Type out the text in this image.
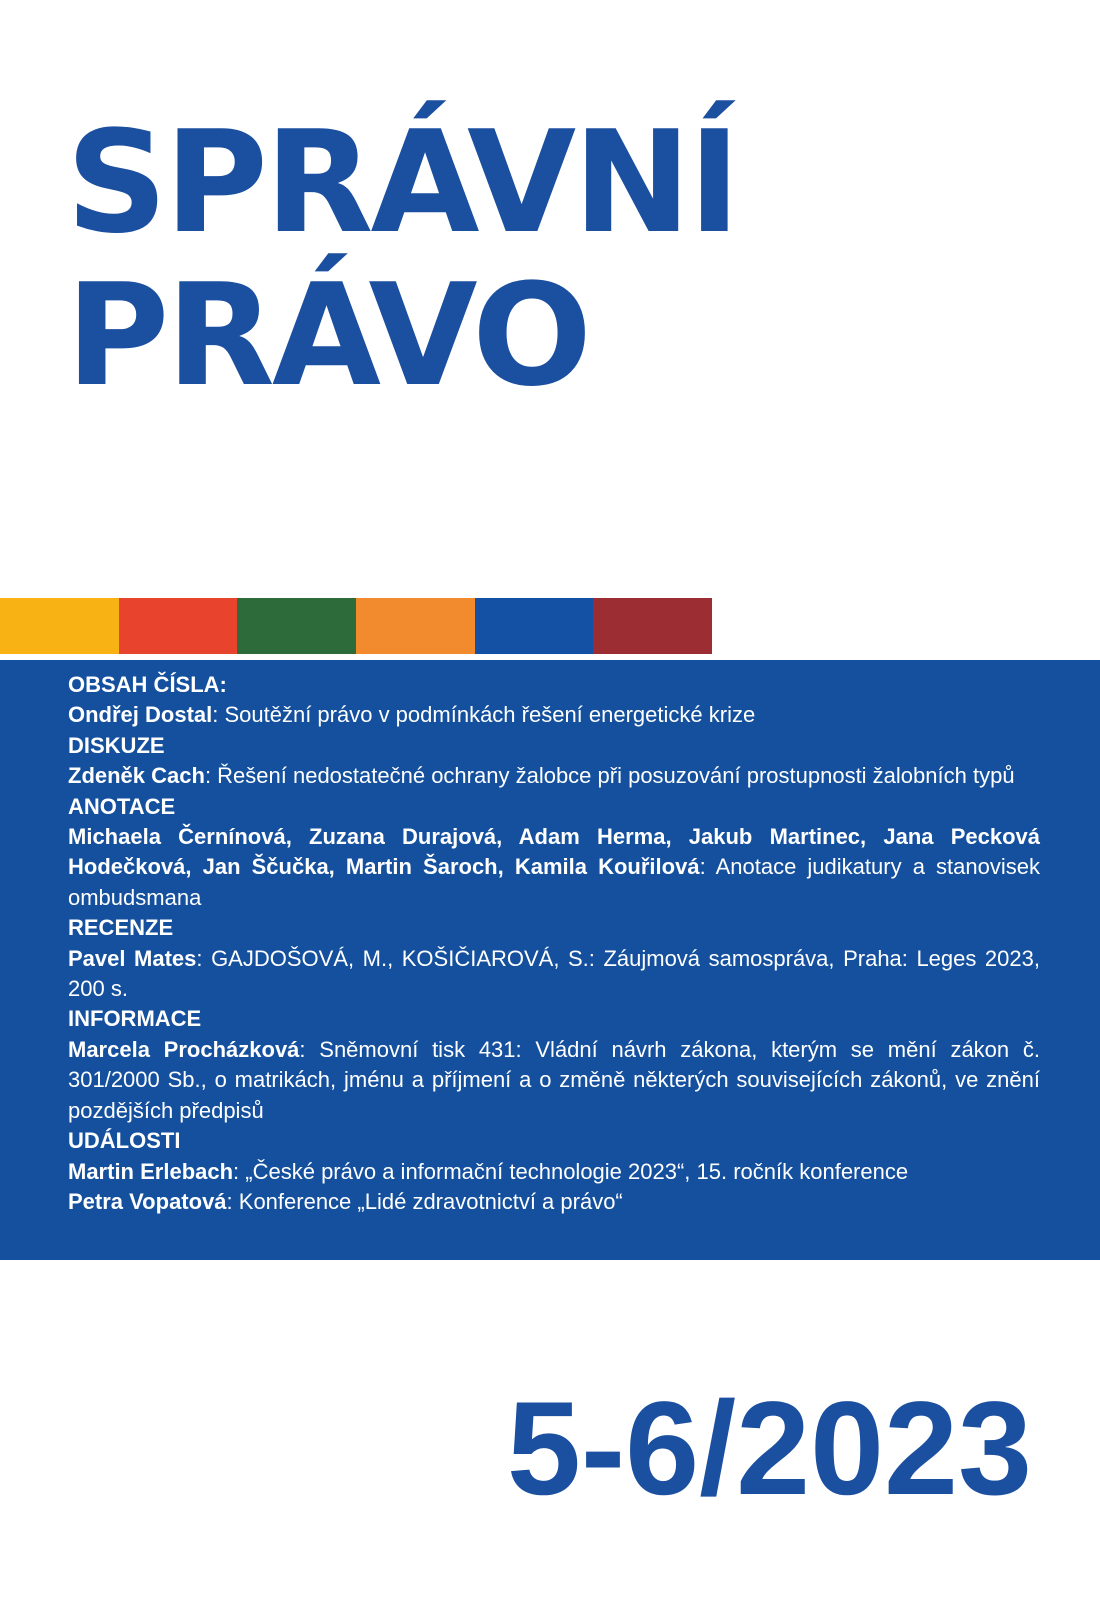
SPRÁVNÍ
PRÁVO

OBSAH ČÍSLA:

Ondřej Dostal: Soutěžní právo v podmínkách řešení energetické krize

DISKUZE

Zdeněk Cach: Řešení nedostatečné ochrany žalobce při posuzování prostupnosti žalobních typů

ANOTACE

Michaela Černínová, Zuzana Durajová, Adam Herma, Jakub Martinec, Jana Pecková Hodečková, Jan Ščučka, Martin Šaroch, Kamila Kouřilová: Anotace judikatury a stanovisek ombudsmana

RECENZE

Pavel Mates: GAJDOŠOVÁ, M., KOŠIČIAROVÁ, S.: Záujmová samospráva, Praha: Leges 2023, 200 s.

INFORMACE

Marcela Procházková: Sněmovní tisk 431: Vládní návrh zákona, kterým se mění zákon č. 301/2000 Sb., o matrikách, jménu a příjmení a o změně některých souvisejících zákonů, ve znění pozdějších předpisů

UDÁLOSTI

Martin Erlebach: „České právo a informační technologie 2023“, 15. ročník konference

Petra Vopatová: Konference „Lidé zdravotnictví a právo“

5-6/2023
